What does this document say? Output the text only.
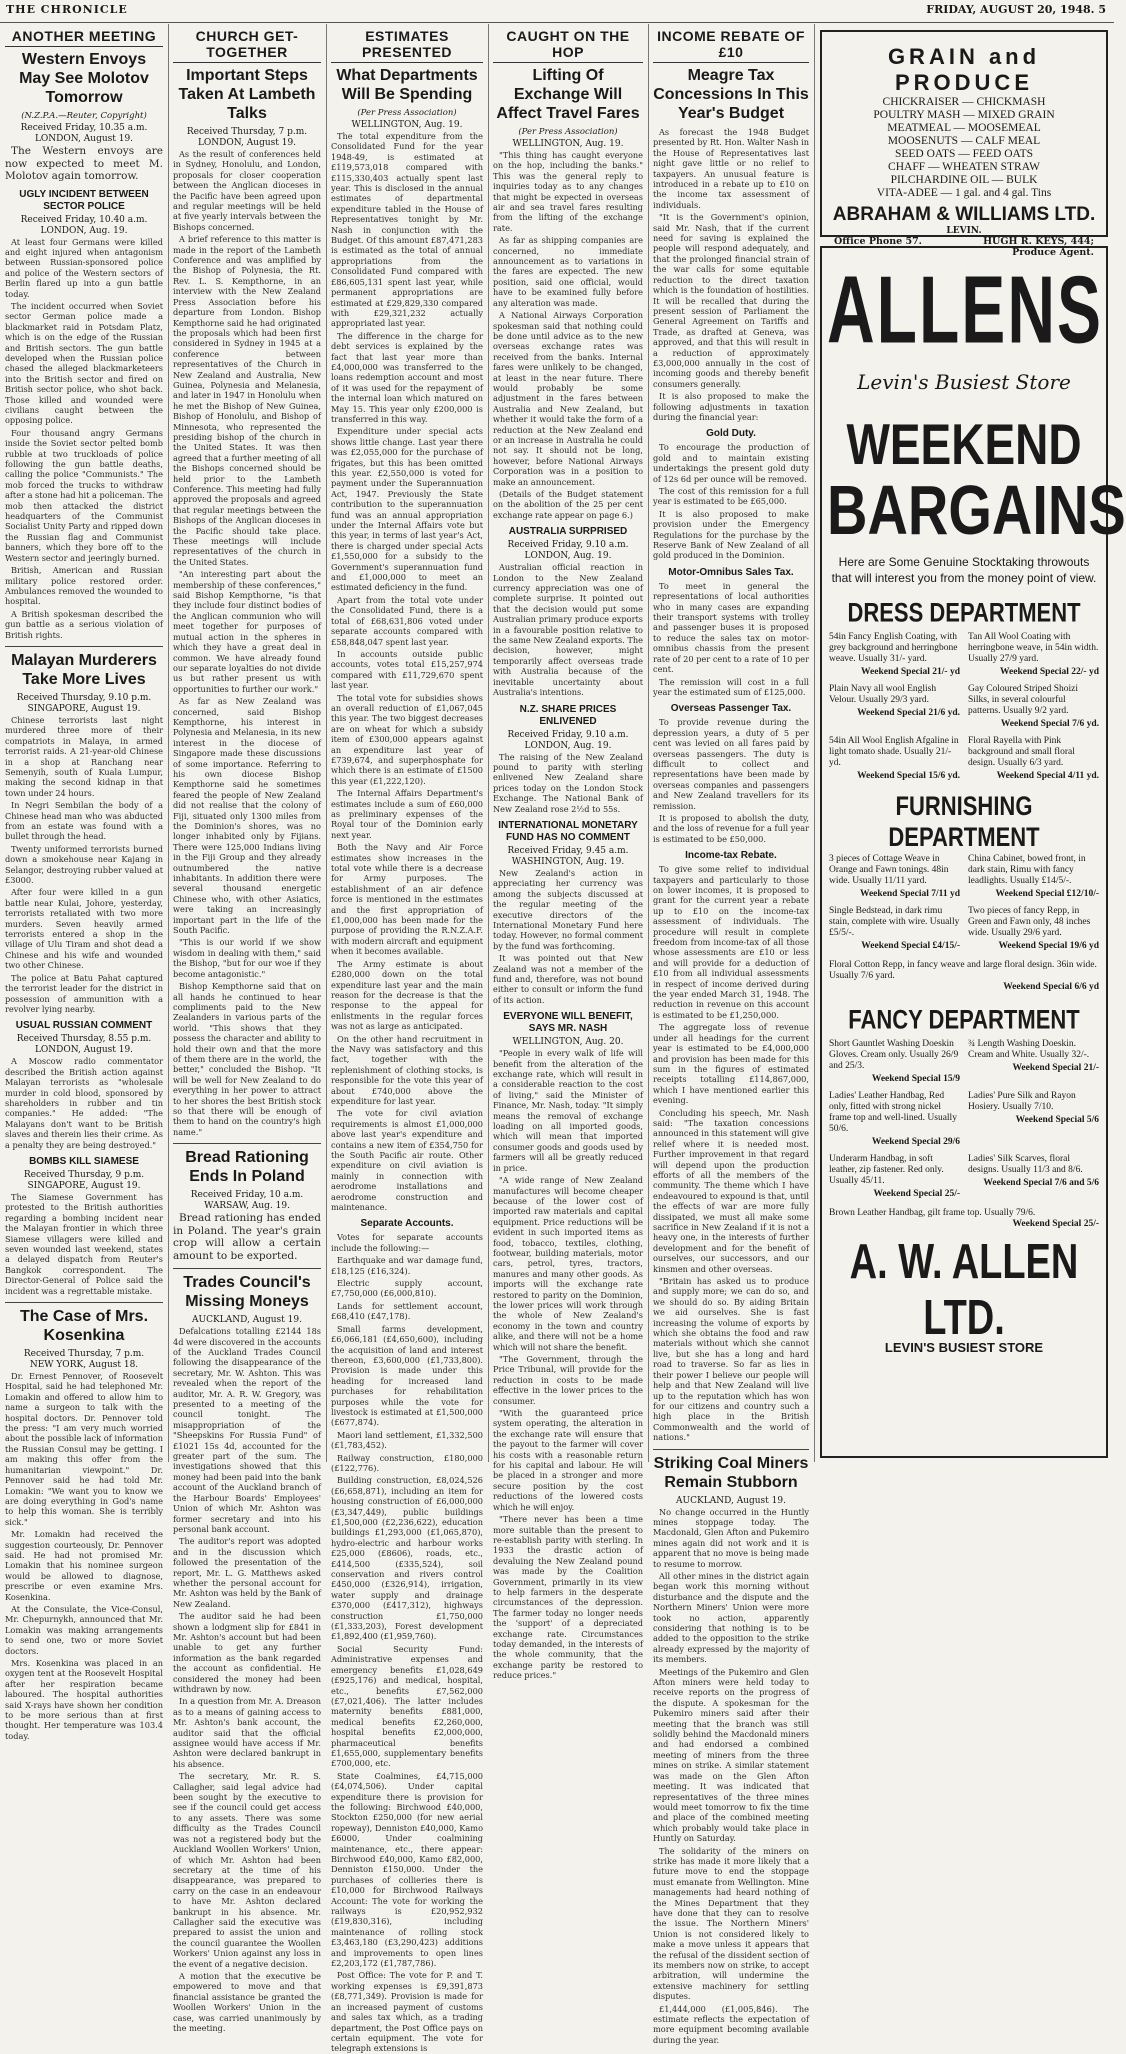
THE CHRONICLE	FRIDAY, AUGUST 20, 1948. 5
ANOTHER MEETING
Western Envoys May See Molotov Tomorrow
(N.Z.P.A.—Reuter, Copyright)
Received Friday, 10.35 a.m.
LONDON, August 19.

The Western envoys are now expected to meet M. Molotov again tomorrow.

UGLY INCIDENT BETWEEN SECTOR POLICE
Received Friday, 10.40 a.m.
LONDON, Aug. 19.

At least four Germans were killed and eight injured when antagonism between Russian-sponsored police and police of the Western sectors of Berlin flared up into a gun battle today.

The incident occurred when Soviet sector German police made a blackmarket raid in Potsdam Platz, which is on the edge of the Russian and British sectors. The gun battle developed when the Russian police chased the alleged blackmarketeers into the British sector and fired on British sector police, who shot back. Those killed and wounded were civilians caught between the opposing police.

Four thousand angry Germans inside the Soviet sector pelted bomb rubble at two truckloads of police following the gun battle deaths, calling the police "Communists." The mob forced the trucks to withdraw after a stone had hit a policeman. The mob then attacked the district headquarters of the Communist Socialist Unity Party and ripped down the Russian flag and Communist banners, which they bore off to the Western sector and jeeringly burned.

British, American and Russian military police restored order. Ambulances removed the wounded to hospital.

A British spokesman described the gun battle as a serious violation of British rights.

Malayan Murderers Take More Lives
Received Thursday, 9.10 p.m.
SINGAPORE, August 19.

Chinese terrorists last night murdered three more of their compatriots in Malaya, in armed terrorist raids. A 21-year-old Chinese in a shop at Ranchang near Semenyih, south of Kuala Lumpur, making the second kidnap in that town under 24 hours.

In Negri Sembilan the body of a Chinese head man who was abducted from an estate was found with a bullet through the head.

Twenty uniformed terrorists burned down a smokehouse near Kajang in Selangor, destroying rubber valued at £3000.

After four were killed in a gun battle near Kulai, Johore, yesterday, terrorists retaliated with two more murders. Seven heavily armed terrorists entered a shop in the village of Ulu Tiram and shot dead a Chinese and his wife and wounded two other Chinese.

The police at Batu Pahat captured the terrorist leader for the district in possession of ammunition with a revolver lying nearby.

USUAL RUSSIAN COMMENT
Received Thursday, 8.55 p.m.
LONDON, August 19.

A Moscow radio commentator described the British action against Malayan terrorists as "wholesale murder in cold blood, sponsored by shareholders in rubber and tin companies." He added: "The Malayans don't want to be British slaves and therein lies their crime. As a penalty they are being destroyed."

BOMBS KILL SIAMESE
Received Thursday, 9 p.m.
SINGAPORE, August 19.

The Siamese Government has protested to the British authorities regarding a bombing incident near the Malayan frontier in which three Siamese villagers were killed and seven wounded last weekend, states a delayed dispatch from Reuter's Bangkok correspondent. The Director-General of Police said the incident was a regrettable mistake.

The Case of Mrs. Kosenkina
Received Thursday, 7 p.m.
NEW YORK, August 18.

Dr. Ernest Pennover, of Roosevelt Hospital, said he had telephoned Mr. Lomakin and offered to allow him to name a surgeon to talk with the hospital doctors. Dr. Pennover told the press: "I am very much worried about the possible lack of information the Russian Consul may be getting. I am making this offer from the humanitarian viewpoint." Dr. Pennover said he had told Mr. Lomakin: "We want you to know we are doing everything in God's name to help this woman. She is terribly sick."

Mr. Lomakin had received the suggestion courteously, Dr. Pennover said. He had not promised Mr. Lomakin that his nominee surgeon would be allowed to diagnose, prescribe or even examine Mrs. Kosenkina.

At the Consulate, the Vice-Consul, Mr. Chepurnykh, announced that Mr. Lomakin was making arrangements to send one, two or more Soviet doctors.

Mrs. Kosenkina was placed in an oxygen tent at the Roosevelt Hospital after her respiration became laboured. The hospital authorities said X-rays have shown her condition to be more serious than at first thought. Her temperature was 103.4 today.

CHURCH GET-TOGETHER
Important Steps Taken At Lambeth Talks
Received Thursday, 7 p.m.
LONDON, August 19.

As the result of conferences held in Sydney, Honolulu, and London, proposals for closer cooperation between the Anglican dioceses in the Pacific have been agreed upon and regular meetings will be held at five yearly intervals between the Bishops concerned.

A brief reference to this matter is made in the report of the Lambeth Conference and was amplified by the Bishop of Polynesia, the Rt. Rev. L. S. Kempthorne, in an interview with the New Zealand Press Association before his departure from London. Bishop Kempthorne said he had originated the proposals which had been first considered in Sydney in 1945 at a conference between representatives of the Church in New Zealand and Australia, New Guinea, Polynesia and Melanesia, and later in 1947 in Honolulu when he met the Bishop of New Guinea, Bishop of Honolulu, and Bishop of Minnesota, who represented the presiding bishop of the church in the United States. It was then agreed that a further meeting of all the Bishops concerned should be held prior to the Lambeth Conference. This meeting had fully approved the proposals and agreed that regular meetings between the Bishops of the Anglican dioceses in the Pacific should take place. These meetings will include representatives of the church in the United States.

"An interesting part about the membership of these conferences," said Bishop Kempthorne, "is that they include four distinct bodies of the Anglican communion who will meet together for purposes of mutual action in the spheres in which they have a great deal in common. We have already found our separate loyalties do not divide us but rather present us with opportunities to further our work."

As far as New Zealand was concerned, said Bishop Kempthorne, his interest in Polynesia and Melanesia, in its new interest in the diocese of Singapore made these discussions of some importance. Referring to his own diocese Bishop Kempthorne said he sometimes feared the people of New Zealand did not realise that the colony of Fiji, situated only 1300 miles from the Dominion's shores, was no longer inhabited only by Fijians. There were 125,000 Indians living in the Fiji Group and they already outnumbered the native inhabitants. In addition there were several thousand energetic Chinese who, with other Asiatics, were taking an increasingly important part in the life of the South Pacific.

"This is our world if we show wisdom in dealing with them," said the Bishop, "but for our woe if they become antagonistic."

Bishop Kempthorne said that on all hands he continued to hear compliments paid to the New Zealanders in various parts of the world. "This shows that they possess the character and ability to hold their own and that the more of them there are in the world, the better," concluded the Bishop. "It will be well for New Zealand to do everything in her power to attract to her shores the best British stock so that there will be enough of them to hand on the country's high name."

Bread Rationing Ends In Poland
Received Friday, 10 a.m.
WARSAW, Aug. 19.

Bread rationing has ended in Poland. The year's grain crop will allow a certain amount to be exported.

Trades Council's Missing Moneys
AUCKLAND, August 19.

Defalcations totalling £2144 18s 4d were discovered in the accounts of the Auckland Trades Council following the disappearance of the secretary, Mr. W. Ashton. This was revealed when the report of the auditor, Mr. A. R. W. Gregory, was presented to a meeting of the council tonight. The misappropriation of the "Sheepskins For Russia Fund" of £1021 15s 4d, accounted for the greater part of the sum. The investigations showed that this money had been paid into the bank account of the Auckland branch of the Harbour Boards' Employees' Union of which Mr. Ashton was former secretary and into his personal bank account.

The auditor's report was adopted and in the discussion which followed the presentation of the report, Mr. L. G. Matthews asked whether the personal account for Mr. Ashton was held by the Bank of New Zealand.

The auditor said he had been shown a lodgment slip for £841 in Mr. Ashton's account but had been unable to get any further information as the bank regarded the account as confidential. He considered the money had been withdrawn by now.

In a question from Mr. A. Dreason as to a means of gaining access to Mr. Ashton's bank account, the auditor said that the official assignee would have access if Mr. Ashton were declared bankrupt in his absence.

The secretary, Mr. R. S. Callagher, said legal advice had been sought by the executive to see if the council could get access to any assets. There was some difficulty as the Trades Council was not a registered body but the Auckland Woollen Workers' Union, of which Mr. Ashton had been secretary at the time of his disappearance, was prepared to carry on the case in an endeavour to have Mr. Ashton declared bankrupt in his absence. Mr. Callagher said the executive was prepared to assist the union and the council guarantee the Woollen Workers' Union against any loss in the event of a negative decision.

A motion that the executive be empowered to move and that financial assistance be granted the Woollen Workers' Union in the case, was carried unanimously by the meeting.

ESTIMATES PRESENTED
What Departments Will Be Spending
(Per Press Association)
WELLINGTON, Aug. 19.

The total expenditure from the Consolidated Fund for the year 1948-49, is estimated at £119,573,018 compared with £115,330,403 actually spent last year. This is disclosed in the annual estimates of departmental expenditure tabled in the House of Representatives tonight by Mr. Nash in conjunction with the Budget. Of this amount £87,471,283 is estimated as the total of annual appropriations from the Consolidated Fund compared with £86,605,131 spent last year, while permanent appropriations are estimated at £29,829,330 compared with £29,321,232 actually appropriated last year.

The difference in the charge for debt services is explained by the fact that last year more than £4,000,000 was transferred to the loans redemption account and most of it was used for the repayment of the internal loan which matured on May 15. This year only £200,000 is transferred in this way.

Expenditure under special acts shows little change. Last year there was £2,055,000 for the purchase of frigates, but this has been omitted this year. £2,550,000 is voted for payment under the Superannuation Act, 1947. Previously the State contribution to the superannuation fund was an annual appropriation under the Internal Affairs vote but this year, in terms of last year's Act, there is charged under special Acts £1,550,000 for a subsidy to the Government's superannuation fund and £1,000,000 to meet an estimated deficiency in the fund.

Apart from the total vote under the Consolidated Fund, there is a total of £68,631,806 voted under separate accounts compared with £58,848,047 spent last year.

In accounts outside public accounts, votes total £15,257,974 compared with £11,729,670 spent last year.

The total vote for subsidies shows an overall reduction of £1,067,045 this year. The two biggest decreases are on wheat for which a subsidy item of £300,000 appears against an expenditure last year of £739,674, and superphosphate for which there is an estimate of £1500 this year (£1,222,120).

The Internal Affairs Department's estimates include a sum of £60,000 as preliminary expenses of the Royal tour of the Dominion early next year.

Both the Navy and Air Force estimates show increases in the total vote while there is a decrease for Army purposes. The establishment of an air defence force is mentioned in the estimates and the first appropriation of £1,000,000 has been made for the purpose of providing the R.N.Z.A.F. with modern aircraft and equipment when it becomes available.

The Army estimate is about £280,000 down on the total expenditure last year and the main reason for the decrease is that the response to the appeal for enlistments in the regular forces was not as large as anticipated.

On the other hand recruitment in the Navy was satisfactory and this fact, together with the replenishment of clothing stocks, is responsible for the vote this year of about £740,000 above the expenditure for last year.

The vote for civil aviation requirements is almost £1,000,000 above last year's expenditure and contains a new item of £354,750 for the South Pacific air route. Other expenditure on civil aviation is mainly in connection with aerodrome installations and aerodrome construction and maintenance.

Separate Accounts.

Votes for separate accounts include the following:—

Earthquake and war damage fund, £18,125 (£16,324).

Electric supply account, £7,750,000 (£6,000,810).

Lands for settlement account, £68,410 (£47,178).

Small farms development, £6,066,181 (£4,650,600), including the acquisition of land and interest thereon, £3,600,000 (£1,733,800). Provision is made under this heading for increased land purchases for rehabilitation purposes while the vote for livestock is estimated at £1,500,000 (£677,874).

Maori land settlement, £1,332,500 (£1,783,452).

Railway construction, £180,000 (£122,776).

Building construction, £8,024,526 (£6,658,871), including an item for housing construction of £6,000,000 (£3,347,449), public buildings £1,500,000 (£2,236,622), education buildings £1,293,000 (£1,065,870), hydro-electric and harbour works £25,000 (£8606), roads, etc., £414,500 (£335,524), soil conservation and rivers control £450,000 (£326,914), irrigation, water supply and drainage £370,000 (£417,312), highways construction £1,750,000 (£1,333,203), Forest development £1,892,400 (£1,959,760).

Social Security Fund: Administrative expenses and emergency benefits £1,028,649 (£925,176) and medical, hospital, etc., benefits £7,562,000 (£7,021,406). The latter includes maternity benefits £881,000, medical benefits £2,260,000, hospital benefits £2,000,000, pharmaceutical benefits £1,655,000, supplementary benefits £700,000, etc.

State Coalmines, £4,715,000 (£4,074,506). Under capital expenditure there is provision for the following: Birchwood £40,000, Stockton £250,000 (for new aerial ropeway), Denniston £40,000, Kamo £6000, Under coalmining maintenance, etc., there appear: Birchwood £40,000, Kamo £82,000, Denniston £150,000. Under the purchases of collieries there is £10,000 for Birchwood Railways Account: The vote for working the railways is £20,952,932 (£19,830,316), including maintenance of rolling stock £3,463,180 (£3,290,423) additions and improvements to open lines £2,203,172 (£1,787,786).

Post Office: The vote for P. and T. working expenses is £9,391,873 (£8,771,349). Provision is made for an increased payment of customs and sales tax which, as a trading department, the Post Office pays on certain equipment. The vote for telegraph extensions is

CAUGHT ON THE HOP
Lifting Of Exchange Will Affect Travel Fares
(Per Press Association)
WELLINGTON, Aug. 19.

"This thing has caught everyone on the hop, including the banks." This was the general reply to inquiries today as to any changes that might be expected in overseas air and sea travel fares resulting from the lifting of the exchange rate.

As far as shipping companies are concerned, no immediate announcement as to variations in the fares are expected. The new position, said one official, would have to be examined fully before any alteration was made.

A National Airways Corporation spokesman said that nothing could be done until advice as to the new overseas exchange rates was received from the banks. Internal fares were unlikely to be changed, at least in the near future. There would probably be some adjustment in the fares between Australia and New Zealand, but whether it would take the form of a reduction at the New Zealand end or an increase in Australia he could not say. It should not be long, however, before National Airways Corporation was in a position to make an announcement.

(Details of the Budget statement on the abolition of the 25 per cent exchange rate appear on page 6.)

AUSTRALIA SURPRISED
Received Friday, 9.10 a.m.
LONDON, Aug. 19.

Australian official reaction in London to the New Zealand currency appreciation was one of complete surprise. It pointed out that the decision would put some Australian primary produce exports in a favourable position relative to the same New Zealand exports. The decision, however, might temporarily affect overseas trade with Australia because of the inevitable uncertainty about Australia's intentions.

N.Z. SHARE PRICES ENLIVENED
Received Friday, 9.10 a.m.
LONDON, Aug. 19.

The raising of the New Zealand pound to parity with sterling enlivened New Zealand share prices today on the London Stock Exchange. The National Bank of New Zealand rose 2½d to 55s.

INTERNATIONAL MONETARY FUND HAS NO COMMENT
Received Friday, 9.45 a.m.
WASHINGTON, Aug. 19.

New Zealand's action in appreciating her currency was among the subjects discussed at the regular meeting of the executive directors of the International Monetary Fund here today. However, no formal comment by the fund was forthcoming.

It was pointed out that New Zealand was not a member of the fund and, therefore, was not bound either to consult or inform the fund of its action.

EVERYONE WILL BENEFIT, SAYS MR. NASH
WELLINGTON, Aug. 20.

"People in every walk of life will benefit from the alteration of the exchange rate, which will result in a considerable reaction to the cost of living," said the Minister of Finance, Mr. Nash, today. "It simply means the removal of exchange loading on all imported goods, which will mean that imported consumer goods and goods used by farmers will all be greatly reduced in price.

"A wide range of New Zealand manufactures will become cheaper because of the lower cost of imported raw materials and capital equipment. Price reductions will be evident in such imported items as food, tobacco, textiles, clothing, footwear, building materials, motor cars, petrol, tyres, tractors, manures and many other goods. As imports will the exchange rate restored to parity on the Dominion, the lower prices will work through the whole of New Zealand's economy in the town and country alike, and there will not be a home which will not share the benefit.

"The Government, through the Price Tribunal, will provide for the reduction in costs to be made effective in the lower prices to the consumer.

"With the guaranteed price system operating, the alteration in the exchange rate will ensure that the payout to the farmer will cover his costs with a reasonable return for his capital and labour. He will be placed in a stronger and more secure position by the cost reductions of the lowered costs which he will enjoy.

"There never has been a time more suitable than the present to re-establish parity with sterling. In 1933 the drastic action of devaluing the New Zealand pound was made by the Coalition Government, primarily in its view to help farmers in the desperate circumstances of the depression. The farmer today no longer needs the 'support' of a depreciated exchange rate. Circumstances today demanded, in the interests of the whole community, that the exchange parity be restored to reduce prices."

INCOME REBATE OF £10
Meagre Tax Concessions In This Year's Budget

As forecast the 1948 Budget presented by Rt. Hon. Walter Nash in the House of Representatives last night gave little or no relief to taxpayers. An unusual feature is introduced in a rebate up to £10 on the income tax assessment of individuals.

"It is the Government's opinion, said Mr. Nash, that if the current need for saving is explained the people will respond adequately, and that the prolonged financial strain of the war calls for some equitable reduction to the direct taxation which is the foundation of hostilities. It will be recalled that during the present session of Parliament the General Agreement on Tariffs and Trade, as drafted at Geneva, was approved, and that this will result in a reduction of approximately £3,000,000 annually in the cost of incoming goods and thereby benefit consumers generally.

It is also proposed to make the following adjustments in taxation during the financial year:

Gold Duty.

To encourage the production of gold and to maintain existing undertakings the present gold duty of 12s 6d per ounce will be removed.

The cost of this remission for a full year is estimated to be £65,000.

It is also proposed to make provision under the Emergency Regulations for the purchase by the Reserve Bank of New Zealand of all gold produced in the Dominion.

Motor-Omnibus Sales Tax.

To meet in general the representations of local authorities who in many cases are expanding their transport systems with trolley and passenger buses it is proposed to reduce the sales tax on motor-omnibus chassis from the present rate of 20 per cent to a rate of 10 per cent.

The remission will cost in a full year the estimated sum of £125,000.

Overseas Passenger Tax.

To provide revenue during the depression years, a duty of 5 per cent was levied on all fares paid by overseas passengers. The duty is difficult to collect and representations have been made by overseas companies and passengers and New Zealand travellers for its remission.

It is proposed to abolish the duty, and the loss of revenue for a full year is estimated to be £50,000.

Income-tax Rebate.

To give some relief to individual taxpayers and particularly to those on lower incomes, it is proposed to grant for the current year a rebate up to £10 on the income-tax assessment of individuals. The procedure will result in complete freedom from income-tax of all those whose assessments are £10 or less and will provide for a deduction of £10 from all individual assessments in respect of income derived during the year ended March 31, 1948. The reduction in revenue on this account is estimated to be £1,250,000.

The aggregate loss of revenue under all headings for the current year is estimated to be £4,000,000 and provision has been made for this sum in the figures of estimated receipts totalling £114,867,000, which I have mentioned earlier this evening.

Concluding his speech, Mr. Nash said: "The taxation concessions announced in this statement will give relief where it is needed most. Further improvement in that regard will depend upon the production efforts of all the members of the community. The theme which I have endeavoured to expound is that, until the effects of war are more fully dissipated, we must all make some sacrifice in New Zealand if it is not a heavy one, in the interests of further development and for the benefit of ourselves, our successors, and our kinsmen and other overseas.

"Britain has asked us to produce and supply more; we can do so, and we should do so. By aiding Britain we aid ourselves. She is fast increasing the volume of exports by which she obtains the food and raw materials without which she cannot live, but she has a long and hard road to traverse. So far as lies in their power I believe our people will help and that New Zealand will live up to the reputation which has won for our citizens and country such a high place in the British Commonwealth and the world of nations."

Striking Coal Miners Remain Stubborn
AUCKLAND, August 19.

No change occurred in the Huntly mines stoppage today. The Macdonald, Glen Afton and Pukemiro mines again did not work and it is apparent that no move is being made to resume to morrow.

All other mines in the district again began work this morning without disturbance and the dispute and the Northern Miners' Union were more took no action, apparently considering that nothing is to be added to the opposition to the strike already expressed by the majority of its members.

Meetings of the Pukemiro and Glen Afton miners were held today to receive reports on the progress of the dispute. A spokesman for the Pukemiro miners said after their meeting that the branch was still solidly behind the Macdonald miners and had endorsed a combined meeting of miners from the three mines on strike. A similar statement was made on the Glen Afton meeting. It was indicated that representatives of the three mines would meet tomorrow to fix the time and place of the combined meeting which probably would take place in Huntly on Saturday.

The solidarity of the miners on strike has made it more likely that a future move to end the stoppage must emanate from Wellington. Mine managements had heard nothing of the Mines Department that they have done that they can to resolve the issue. The Northern Miners' Union is not considered likely to make a move unless it appears that the refusal of the dissident section of its members now on strike, to accept arbitration, will undermine the extensive machinery for settling disputes.

£1,444,000 (£1,005,846). The estimate reflects the expectation of more equipment becoming available during the year.

GRAIN and
PRODUCE
CHICKRAISER — CHICKMASH
POULTRY MASH — MIXED GRAIN
MEATMEAL — MOOSEMEAL
MOOSENUTS — CALF MEAL
SEED OATS — FEED OATS
CHAFF — WHEATEN STRAW
PILCHARDINE OIL — BULK
VITA-ADEE — 1 gal. and 4 gal. Tins
ABRAHAM & WILLIAMS LTD.
LEVIN.
Office Phone 57.	HUGH R. KEYS, 444; Produce Agent.
ALLENS
Levin's Busiest Store
WEEKEND
BARGAINS
Here are Some Genuine Stocktaking throwouts that will interest you from the money point of view.
DRESS DEPARTMENT
54in Fancy English Coating, with grey background and herringbone weave. Usually 31/- yard.
Weekend Special 21/- yd
Tan All Wool Coating with herringbone weave, in 54in width. Usually 27/9 yard.
Weekend Special 22/- yd
Plain Navy all wool English Velour. Usually 29/3 yard.
Weekend Special 21/6 yd.
Gay Coloured Striped Shoizi Silks, in several colourful patterns. Usually 9/2 yard.
Weekend Special 7/6 yd.
54in All Wool English Afgaline in light tomato shade. Usually 21/- yd.
Weekend Special 15/6 yd.
Floral Rayella with Pink background and small floral design. Usually 6/3 yard.
Weekend Special 4/11 yd.
FURNISHING DEPARTMENT
3 pieces of Cottage Weave in Orange and Fawn tonings. 48in wide. Usually 11/11 yard.
Weekend Special 7/11 yd
China Cabinet, bowed front, in dark stain, Rimu with fancy leadlights. Usually £14/5/-.
Weekend Special £12/10/-
Single Bedstead, in dark rimu stain, complete with wire. Usually £5/5/-.
Weekend Special £4/15/-
Two pieces of fancy Repp, in Green and Fawn only, 48 inches wide. Usually 29/6 yard.
Weekend Special 19/6 yd
Floral Cotton Repp, in fancy weave and large floral design. 36in wide. Usually 7/6 yard.
Weekend Special 6/6 yd
FANCY DEPARTMENT
Short Gauntlet Washing Doeskin Gloves. Cream only. Usually 26/9 and 25/3.
Weekend Special 15/9
¾ Length Washing Doeskin. Cream and White. Usually 32/-.
Weekend Special 21/-
Ladies' Leather Handbag, Red only, fitted with strong nickel frame top and well-lined. Usually 50/6.
Weekend Special 29/6
Ladies' Pure Silk and Rayon Hosiery. Usually 7/10.
Weekend Special 5/6
Underarm Handbag, in soft leather, zip fastener. Red only. Usually 45/11.
Weekend Special 25/-
Ladies' Silk Scarves, floral designs. Usually 11/3 and 8/6.
Weekend Special 7/6 and 5/6
Brown Leather Handbag, gilt frame top. Usually 79/6.
Weekend Special 25/-
A. W. ALLEN LTD.
LEVIN'S BUSIEST STORE
